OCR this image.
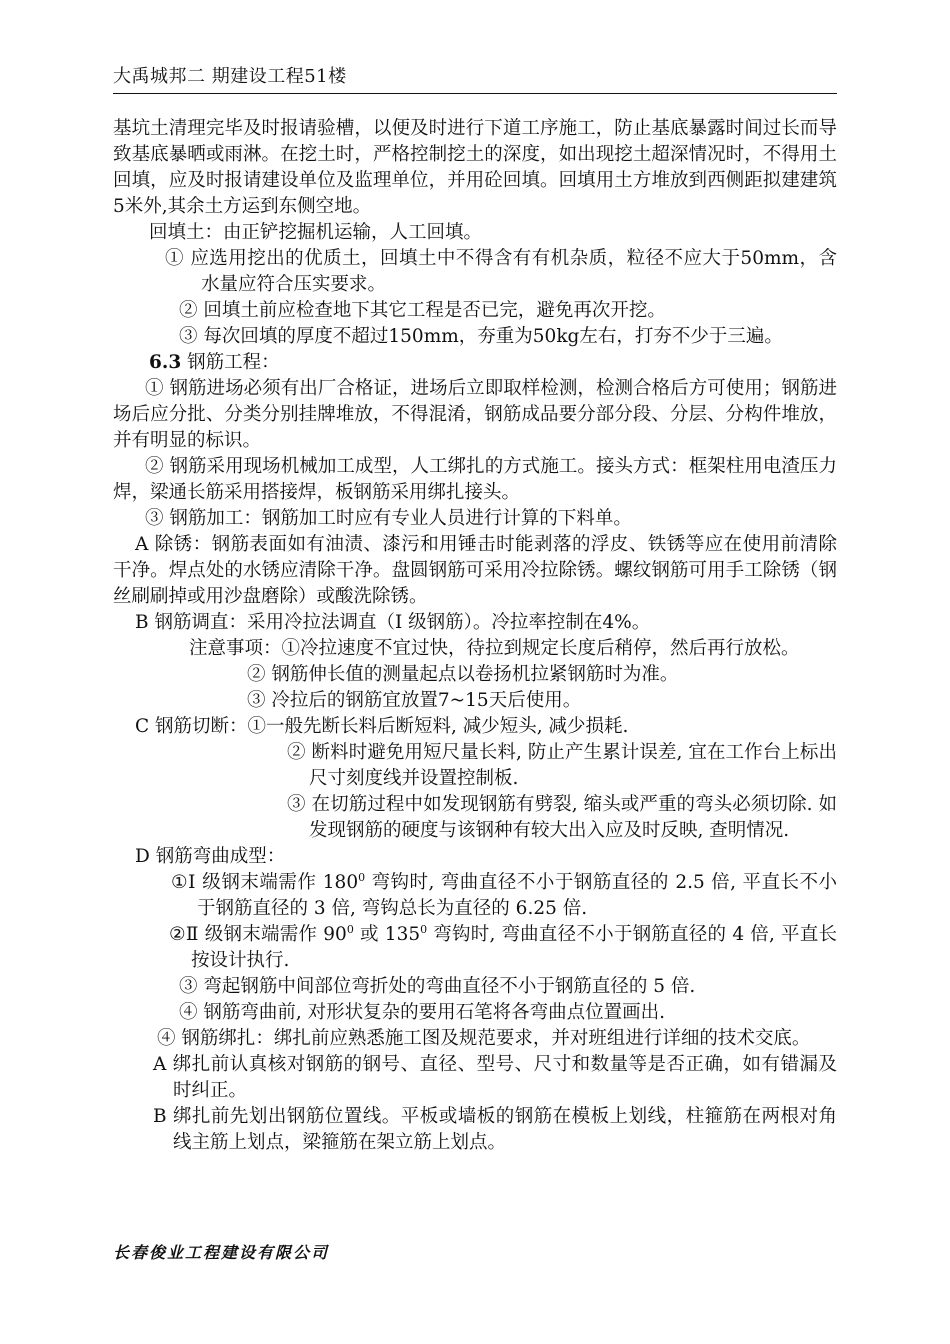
大禹城邦二 期建设工程51楼

基坑土清理完毕及时报请验槽，以便及时进行下道工序施工，防止基底暴露时间过长而导致基底暴晒或雨淋。在挖土时，严格控制挖土的深度，如出现挖土超深情况时，不得用土回填，应及时报请建设单位及监理单位，并用砼回填。回填用土方堆放到西侧距拟建建筑5米外,其余土方运到东侧空地。

回填土：由正铲挖掘机运输，人工回填。

① 应选用挖出的优质土，回填土中不得含有有机杂质，粒径不应大于50mm，含水量应符合压实要求。

② 回填土前应检查地下其它工程是否已完，避免再次开挖。

③ 每次回填的厚度不超过150mm，夯重为50kg左右，打夯不少于三遍。

6.3 钢筋工程：

① 钢筋进场必须有出厂合格证，进场后立即取样检测，检测合格后方可使用；钢筋进场后应分批、分类分别挂牌堆放，不得混淆，钢筋成品要分部分段、分层、分构件堆放，并有明显的标识。

② 钢筋采用现场机械加工成型，人工绑扎的方式施工。接头方式：框架柱用电渣压力焊，梁通长筋采用搭接焊，板钢筋采用绑扎接头。

③ 钢筋加工：钢筋加工时应有专业人员进行计算的下料单。

A 除锈：钢筋表面如有油渍、漆污和用锤击时能剥落的浮皮、铁锈等应在使用前清除干净。焊点处的水锈应清除干净。盘圆钢筋可采用冷拉除锈。螺纹钢筋可用手工除锈（钢丝刷刷掉或用沙盘磨除）或酸洗除锈。

B 钢筋调直：采用冷拉法调直（Ⅰ 级钢筋）。冷拉率控制在4%。

注意事项：①冷拉速度不宜过快，待拉到规定长度后稍停，然后再行放松。

② 钢筋伸长值的测量起点以卷扬机拉紧钢筋时为准。

③ 冷拉后的钢筋宜放置7~15天后使用。

C 钢筋切断：①一般先断长料后断短料, 减少短头, 减少损耗.

② 断料时避免用短尺量长料, 防止产生累计误差, 宜在工作台上标出尺寸刻度线并设置控制板.

③ 在切筋过程中如发现钢筋有劈裂, 缩头或严重的弯头必须切除. 如发现钢筋的硬度与该钢种有较大出入应及时反映, 查明情况.

D 钢筋弯曲成型：

①Ⅰ 级钢末端需作 $180^0$ 弯钩时, 弯曲直径不小于钢筋直径的 2.5 倍, 平直长不小于钢筋直径的 3 倍, 弯钩总长为直径的 6.25 倍.

②Ⅱ 级钢末端需作 $90^0$ 或 $135^0$ 弯钩时, 弯曲直径不小于钢筋直径的 4 倍, 平直长按设计执行.

③ 弯起钢筋中间部位弯折处的弯曲直径不小于钢筋直径的 5 倍.

④ 钢筋弯曲前, 对形状复杂的要用石笔将各弯曲点位置画出.

④ 钢筋绑扎：绑扎前应熟悉施工图及规范要求，并对班组进行详细的技术交底。

A 绑扎前认真核对钢筋的钢号、直径、型号、尺寸和数量等是否正确，如有错漏及时纠正。

B 绑扎前先划出钢筋位置线。平板或墙板的钢筋在模板上划线，柱箍筋在两根对角线主筋上划点，梁箍筋在架立筋上划点。

长春俊业工程建设有限公司
